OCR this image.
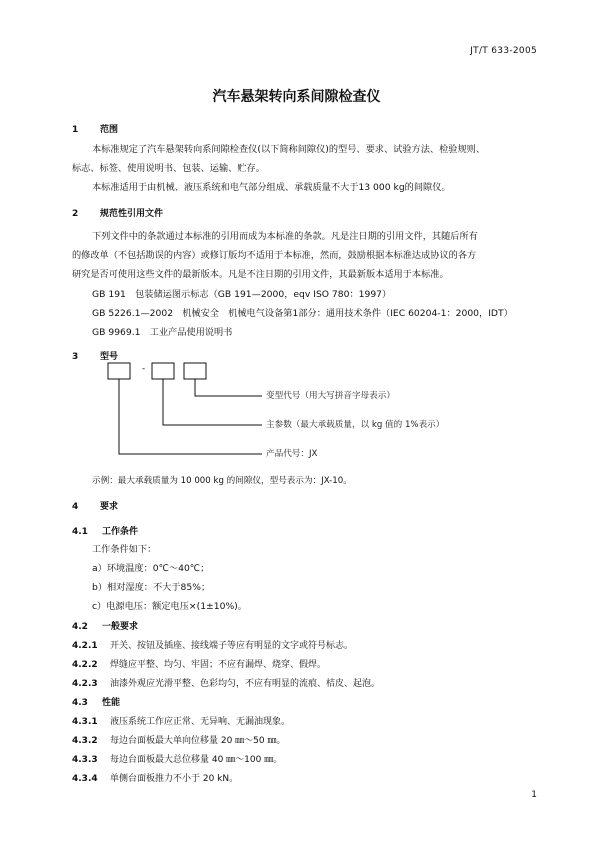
JT/T 633-2005
汽车悬架转向系间隙检查仪
1 范围
本标准规定了汽车悬架转向系间隙检查仪(以下简称间隙仪)的型号、要求、试验方法、检验规则、
标志、标签、使用说明书、包装、运输、贮存。
本标准适用于由机械、液压系统和电气部分组成、承载质量不大于13 000 kg的间隙仪。
2 规范性引用文件
下列文件中的条款通过本标准的引用而成为本标准的条款。凡是注日期的引用文件，其随后所有
的修改单（不包括勘误的内容）或修订版均不适用于本标准，然而，鼓励根据本标准达成协议的各方
研究是否可使用这些文件的最新版本。凡是不注日期的引用文件，其最新版本适用于本标准。
GB 191　包装储运图示标志（GB 191—2000，eqv ISO 780：1997）
GB 5226.1—2002　机械安全　机械电气设备第1部分：通用技术条件（IEC 60204-1：2000，IDT）
GB 9969.1　工业产品使用说明书
3 型号
-
变型代号（用大写拼音字母表示）
主参数（最大承载质量，以 kg 值的 1%表示）
产品代号：JX
示例：最大承载质量为 10 000 kg 的间隙仪，型号表示为：JX-10。
4 要求
4.1 工作条件
工作条件如下：
a）环境温度：0℃～40℃；
b）相对湿度：不大于85%；
c）电源电压：额定电压×(1±10%)。
4.2 一般要求
4.2.1 开关、按钮及插座、接线端子等应有明显的文字或符号标志。
4.2.2 焊缝应平整、均匀、牢固；不应有漏焊、烧穿、假焊。
4.2.3 油漆外观应光滑平整、色彩均匀，不应有明显的流痕、桔皮、起泡。
4.3 性能
4.3.1 液压系统工作应正常、无异响、无漏油现象。
4.3.2 每边台面板最大单向位移量 20 ㎜～50 ㎜。
4.3.3 每边台面板最大总位移量 40 ㎜～100 ㎜。
4.3.4 单侧台面板推力不小于 20 kN。
1
